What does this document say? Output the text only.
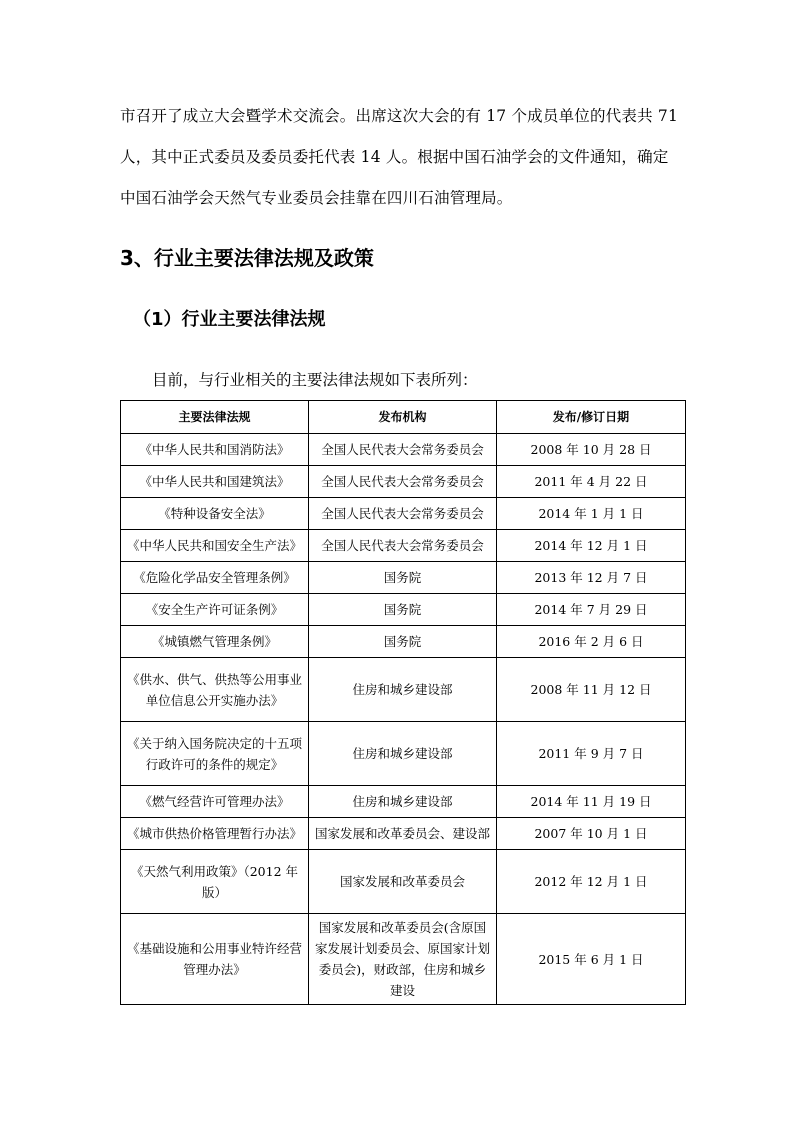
市召开了成立大会暨学术交流会。出席这次大会的有 17 个成员单位的代表共 71
人，其中正式委员及委员委托代表 14 人。根据中国石油学会的文件通知，确定
中国石油学会天然气专业委员会挂靠在四川石油管理局。
3、行业主要法律法规及政策
（1）行业主要法律法规
目前，与行业相关的主要法律法规如下表所列：
主要法律法规	发布机构	发布/修订日期
《中华人民共和国消防法》	全国人民代表大会常务委员会	2008 年 10 月 28 日
《中华人民共和国建筑法》	全国人民代表大会常务委员会	2011 年 4 月 22 日
《特种设备安全法》	全国人民代表大会常务委员会	2014 年 1 月 1 日
《中华人民共和国安全生产法》	全国人民代表大会常务委员会	2014 年 12 月 1 日
《危险化学品安全管理条例》	国务院	2013 年 12 月 7 日
《安全生产许可证条例》	国务院	2014 年 7 月 29 日
《城镇燃气管理条例》	国务院	2016 年 2 月 6 日
《供水、供气、供热等公用事业单位信息公开实施办法》	住房和城乡建设部	2008 年 11 月 12 日
《关于纳入国务院决定的十五项行政许可的条件的规定》	住房和城乡建设部	2011 年 9 月 7 日
《燃气经营许可管理办法》	住房和城乡建设部	2014 年 11 月 19 日
《城市供热价格管理暂行办法》	国家发展和改革委员会、建设部	2007 年 10 月 1 日
《天然气利用政策》（2012 年版）	国家发展和改革委员会	2012 年 12 月 1 日
《基础设施和公用事业特许经营管理办法》	国家发展和改革委员会(含原国家发展计划委员会、原国家计划委员会)，财政部，住房和城乡建设	2015 年 6 月 1 日
